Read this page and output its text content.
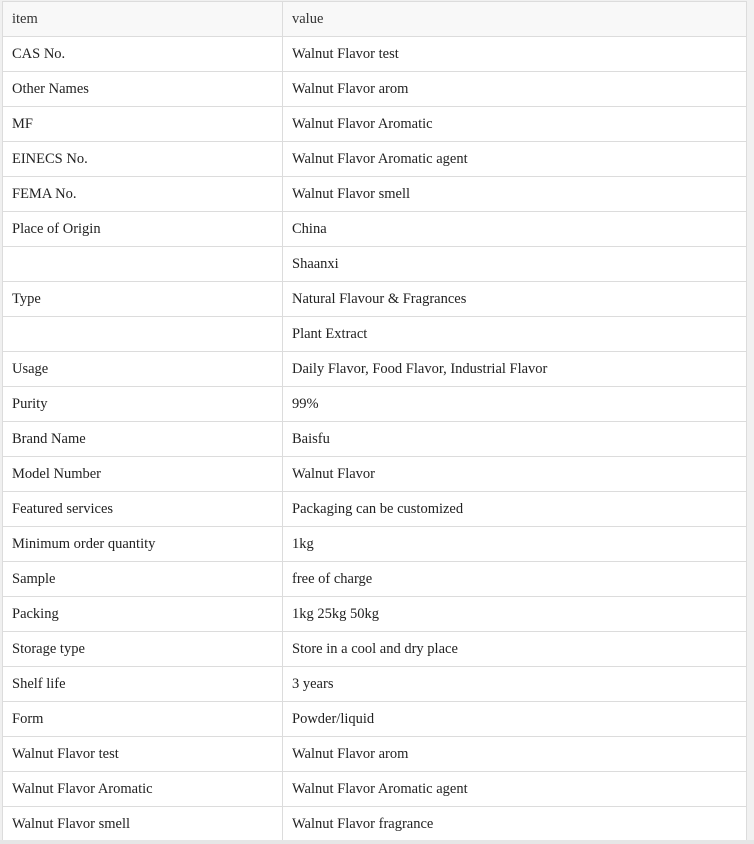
item	value
CAS No.	Walnut Flavor test
Other Names	Walnut Flavor arom
MF	Walnut Flavor Aromatic
EINECS No.	Walnut Flavor Aromatic agent
FEMA No.	Walnut Flavor smell
Place of Origin	China
	Shaanxi
Type	Natural Flavour & Fragrances
	Plant Extract
Usage	Daily Flavor, Food Flavor, Industrial Flavor
Purity	99%
Brand Name	Baisfu
Model Number	Walnut Flavor
Featured services	Packaging can be customized
Minimum order quantity	1kg
Sample	free of charge
Packing	1kg 25kg 50kg
Storage type	Store in a cool and dry place
Shelf life	3 years
Form	Powder/liquid
Walnut Flavor test	Walnut Flavor arom
Walnut Flavor Aromatic	Walnut Flavor Aromatic agent
Walnut Flavor smell	Walnut Flavor fragrance
